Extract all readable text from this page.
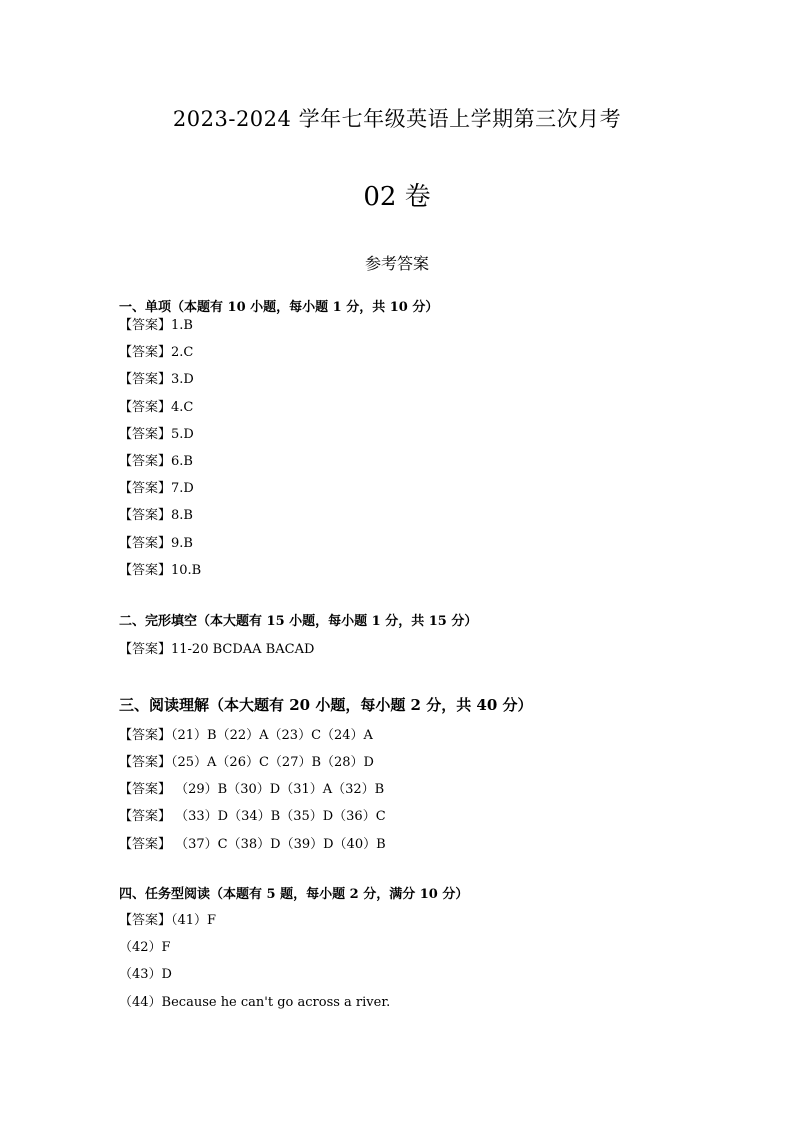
2023-2024 学年七年级英语上学期第三次月考
02 卷
参考答案
一、单项（本题有 10 小题，每小题 1 分，共 10 分）
【答案】1.B
【答案】2.C
【答案】3.D
【答案】4.C
【答案】5.D
【答案】6.B
【答案】7.D
【答案】8.B
【答案】9.B
【答案】10.B
二、完形填空（本大题有 15 小题，每小题 1 分，共 15 分）
【答案】11-20 BCDAA BACAD
三、阅读理解（本大题有 20 小题，每小题 2 分，共 40 分）
【答案】（21）B（22）A（23）C（24）A
【答案】（25）A（26）C（27）B（28）D
【答案】 （29）B（30）D（31）A（32）B
【答案】 （33）D（34）B（35）D（36）C
【答案】 （37）C（38）D（39）D（40）B
四、任务型阅读（本题有 5 题，每小题 2 分，满分 10 分）
【答案】（41）F
（42）F
（43）D
（44）Because he can't go across a river.
